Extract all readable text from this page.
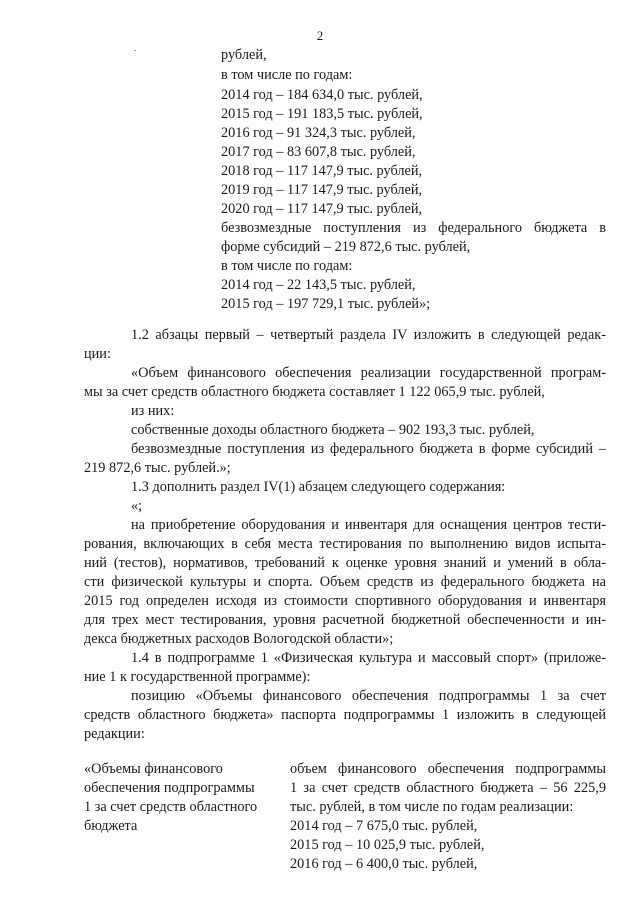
2
рублей,
в том числе по годам:
2014 год – 184 634,0 тыс. рублей,
2015 год – 191 183,5 тыс. рублей,
2016 год – 91 324,3 тыс. рублей,
2017 год – 83 607,8 тыс. рублей,
2018 год – 117 147,9 тыс. рублей,
2019 год – 117 147,9 тыс. рублей,
2020 год – 117 147,9 тыс. рублей,
безвозмездные поступления из федерального бюджета в
форме субсидий – 219 872,6 тыс. рублей,
в том числе по годам:
2014 год – 22 143,5 тыс. рублей,
2015 год – 197 729,1 тыс. рублей»;
1.2 абзацы первый – четвертый раздела IV изложить в следующей редак-
ции:
«Объем финансового обеспечения реализации государственной програм-
мы за счет средств областного бюджета составляет 1 122 065,9 тыс. рублей,
из них:
собственные доходы областного бюджета – 902 193,3 тыс. рублей,
безвозмездные поступления из федерального бюджета в форме субсидий –
219 872,6 тыс. рублей.»;
1.3 дополнить раздел IV(1) абзацем следующего содержания:
«;
на приобретение оборудования и инвентаря для оснащения центров тести-
рования, включающих в себя места тестирования по выполнению видов испыта-
ний (тестов), нормативов, требований к оценке уровня знаний и умений в обла-
сти физической культуры и спорта. Объем средств из федерального бюджета на
2015 год определен исходя из стоимости спортивного оборудования и инвентаря
для трех мест тестирования, уровня расчетной бюджетной обеспеченности и ин-
декса бюджетных расходов Вологодской области»;
1.4 в подпрограмме 1 «Физическая культура и массовый спорт» (приложе-
ние 1 к государственной программе):
позицию «Объемы финансового обеспечения подпрограммы 1 за счет
средств областного бюджета» паспорта подпрограммы 1 изложить в следующей
редакции:
«Объемы финансового
обеспечения подпрограммы
1 за счет средств областного
бюджета
объем финансового обеспечения подпрограммы
1 за счет средств областного бюджета – 56 225,9
тыс. рублей, в том числе по годам реализации:
2014 год – 7 675,0 тыс. рублей,
2015 год – 10 025,9 тыс. рублей,
2016 год – 6 400,0 тыс. рублей,
